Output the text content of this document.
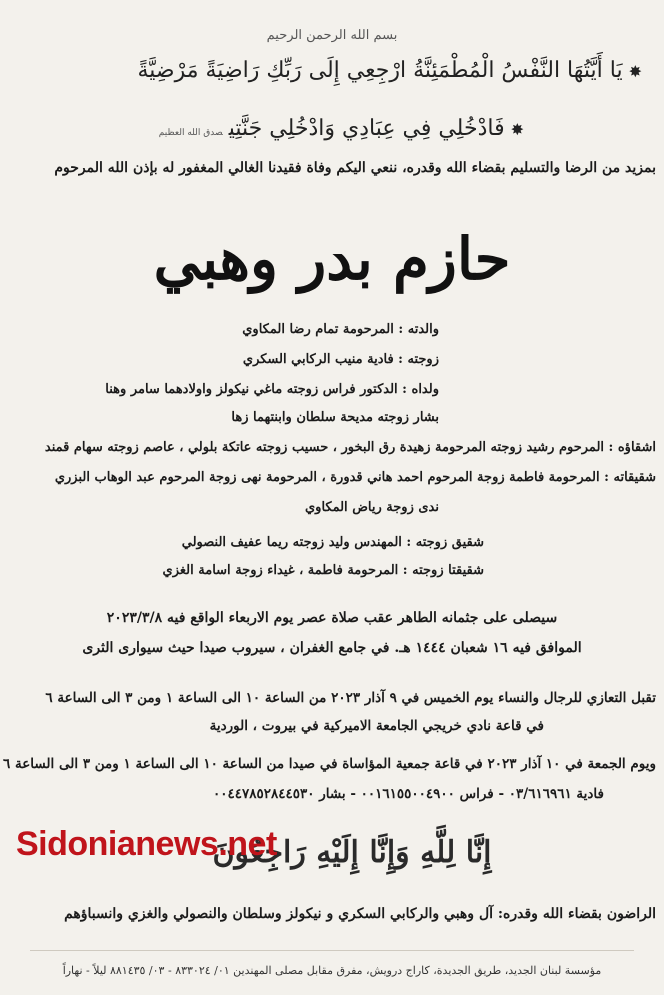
بسم الله الرحمن الرحيم
✸يَا أَيَّتُهَا النَّفْسُ الْمُطْمَئِنَّةُ ارْجِعِي إِلَى رَبِّكِ رَاضِيَةً مَرْضِيَّةً
✸فَادْخُلِي فِي عِبَادِي وَادْخُلِي جَنَّتِيصدق الله العظيم
بمزيد من الرضا والتسليم بقضاء الله وقدره، ننعي اليكم وفاة فقيدنا الغالي المغفور له بإذن الله المرحوم
حازم بدر وهبي
والدته : المرحومة تمام رضا المكاوي
زوجته : فادية منيب الركابي السكري
ولداه : الدكتور فراس زوجته ماغي نيكولز واولادهما سامر وهنا
بشار زوجته مديحة سلطان وابنتهما زها
اشقاؤه : المرحوم رشيد زوجته المرحومة زهيدة رق البخور ، حسيب زوجته عاتكة بلولي ، عاصم زوجته سهام قمند
شقيقاته : المرحومة فاطمة زوجة المرحوم احمد هاني قدورة ، المرحومة نهى زوجة المرحوم عبد الوهاب البزري
ندى زوجة رياض المكاوي
شقيق زوجته : المهندس وليد زوجته ريما عفيف النصولي
شقيقتا زوجته : المرحومة فاطمة ، غيداء زوجة اسامة الغزي
سيصلى على جثمانه الطاهر عقب صلاة عصر يوم الاربعاء الواقع فيه ٢٠٢٣/٣/٨
الموافق فيه ١٦ شعبان ١٤٤٤ هـ. في جامع الغفران ، سيروب صيدا حيث سيوارى الثرى
تقبل التعازي للرجال والنساء يوم الخميس في ٩ آذار ٢٠٢٣ من الساعة ١٠ الى الساعة ١ ومن ٣ الى الساعة ٦
في قاعة نادي خريجي الجامعة الاميركية في بيروت ، الوردية
ويوم الجمعة في ١٠ آذار ٢٠٢٣ في قاعة جمعية المؤاساة في صيدا من الساعة ١٠ الى الساعة ١ ومن ٣ الى الساعة ٦
فادية ٠٣/٦١٦٩٦١ - فراس ٠٠١٦١٥٥٠٠٤٩٠٠ - بشار ٠٠٤٤٧٨٥٢٨٤٤٥٣٠
إِنَّا لِلَّهِ وَإِنَّا إِلَيْهِ رَاجِعُونَ
Sidonianews.net
الراضون بقضاء الله وقدره: آل وهبي والركابي السكري و نيكولز وسلطان والنصولي والغزي وانسباؤهم
مؤسسة لبنان الجديد، طريق الجديدة، كاراج درويش، مفرق مقابل مصلى المهندين ٠١/ ٨٣٣٠٢٤ - ٠٣/ ٨٨١٤٣٥ ليلاً - نهاراً
